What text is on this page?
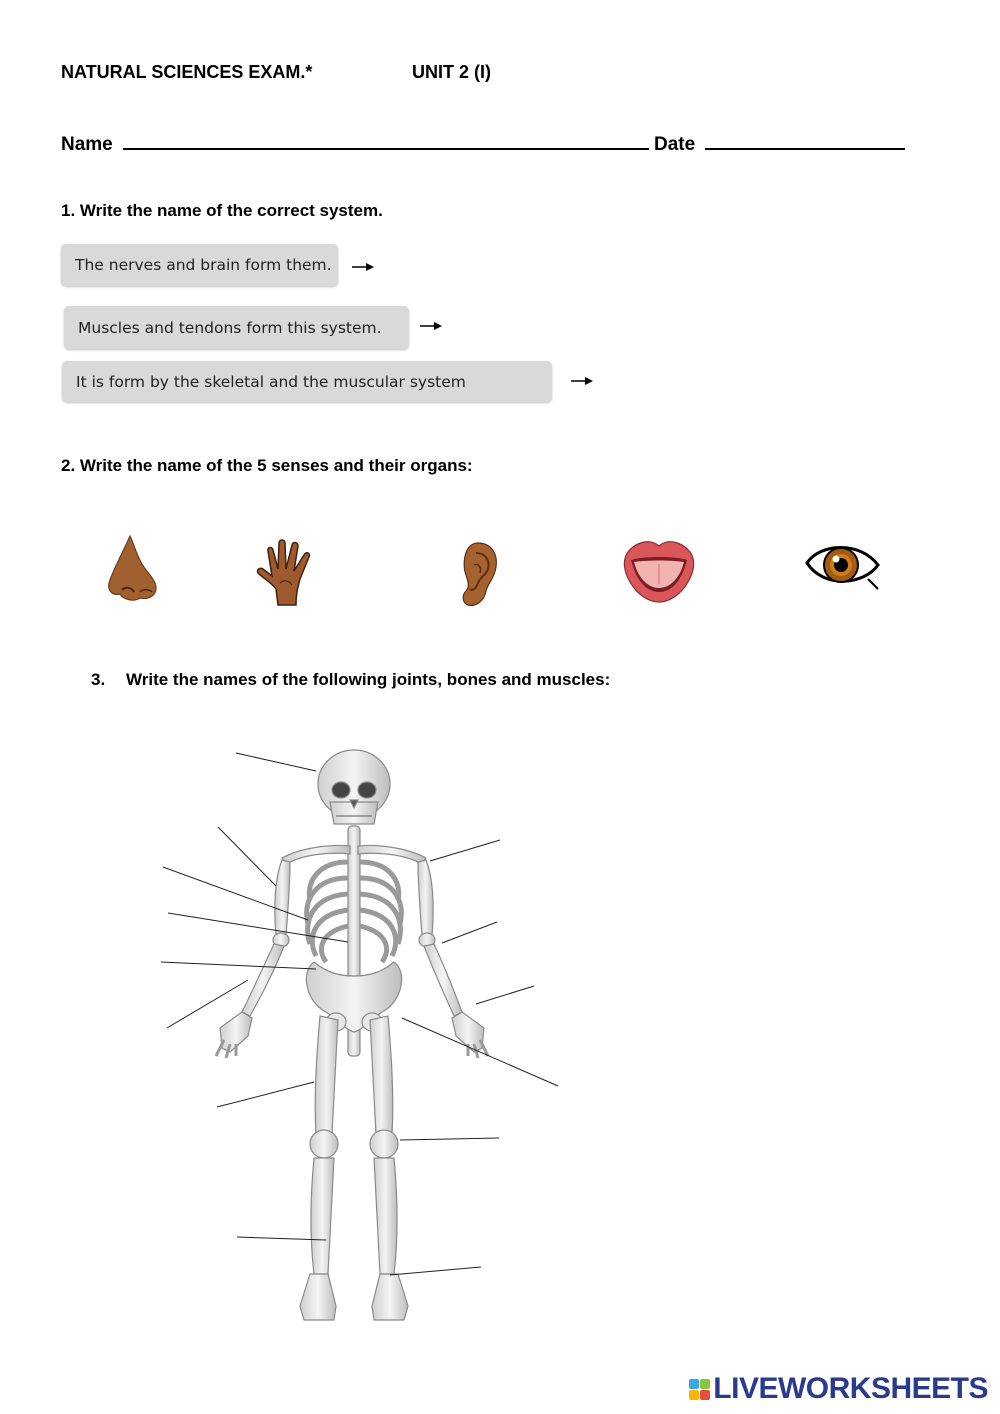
NATURAL SCIENCES EXAM.*	UNIT 2 (I)
Name	Date
1. Write the name of the correct system.
The nerves and brain form them.
Muscles and tendons form this system.
It is form by the skeletal and the muscular system
2. Write the name of the 5 senses and their organs:
3. Write the names of the following joints, bones and muscles:
LIVEWORKSHEETS
